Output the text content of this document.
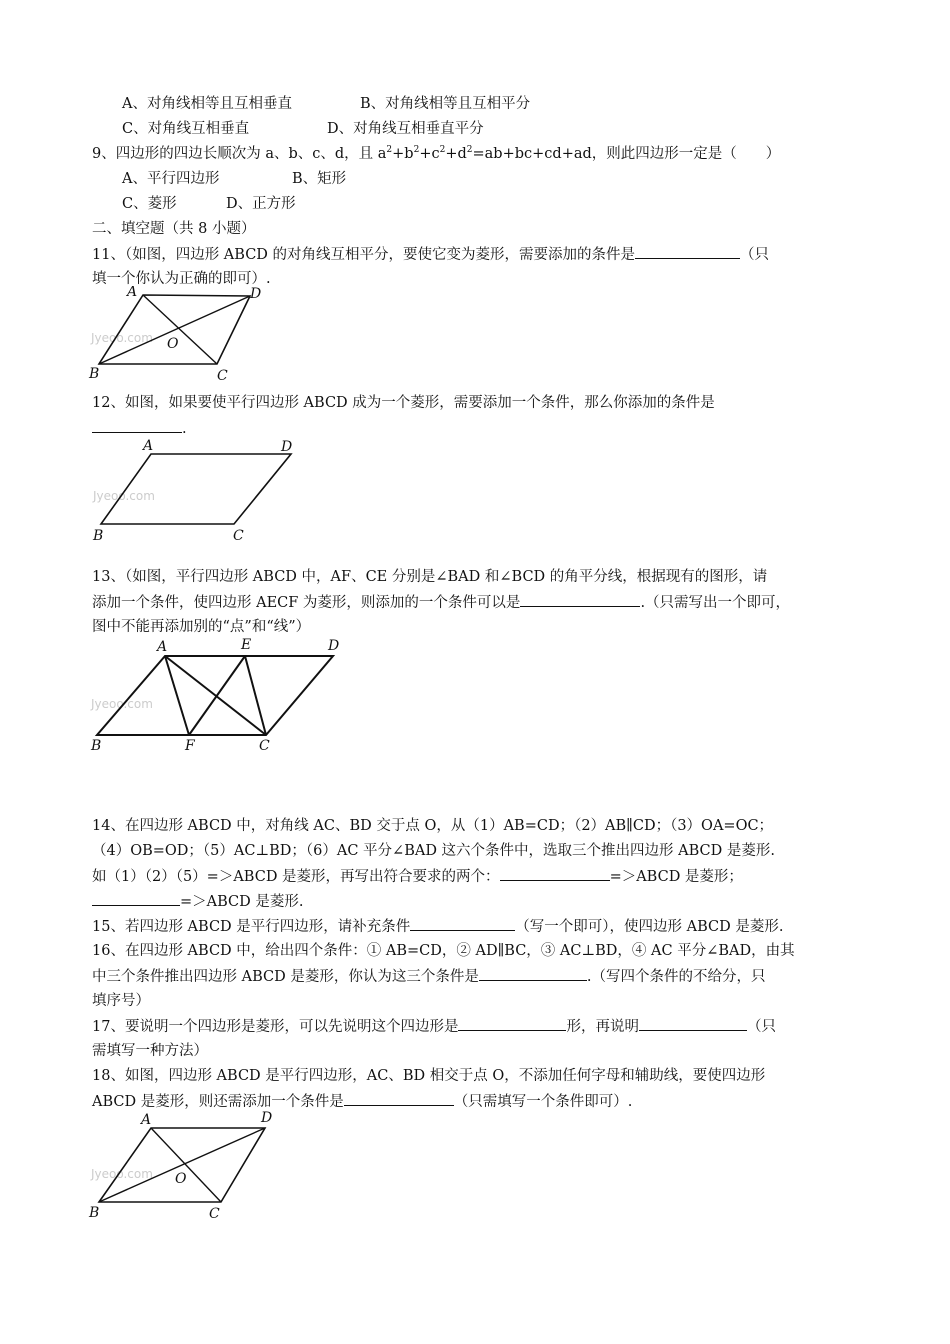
A、对角线相等且互相垂直	B、对角线相等且互相平分
C、对角线互相垂直	D、对角线互相垂直平分
9、四边形的四边长顺次为 a、b、c、d，且 $a^2+b^2+c^2+d^2=ab+bc+cd+ad$，则此四边形一定是（　　）
A、平行四边形	B、矩形
C、菱形	D、正方形
二、填空题（共 8 小题）
11、（如图，四边形 ABCD 的对角线互相平分，要使它变为菱形，需要添加的条件是	（只
填一个你认为正确的即可）.
Jyeoo.com
A	D
O
B	C
12、如图，如果要使平行四边形 ABCD 成为一个菱形，需要添加一个条件，那么你添加的条件是
.
Jyeoo.com
A	D
B	C
13、（如图，平行四边形 ABCD 中，AF、CE 分别是∠BAD 和∠BCD 的角平分线，根据现有的图形，请
添加一个条件，使四边形 AECF 为菱形，则添加的一个条件可以是	.（只需写出一个即可，
图中不能再添加别的“点”和“线”）
Jyeoo.com
A	E	D
B	F	C
14、在四边形 ABCD 中，对角线 AC、BD 交于点 O，从（1）AB=CD；（2）AB∥CD；（3）OA=OC；
（4）OB=OD；（5）AC⊥BD；（6）AC 平分∠BAD 这六个条件中，选取三个推出四边形 ABCD 是菱形.
如（1）（2）（5）=＞ABCD 是菱形，再写出符合要求的两个：	=＞ABCD 是菱形；
=＞ABCD 是菱形.
15、若四边形 ABCD 是平行四边形，请补充条件	（写一个即可），使四边形 ABCD 是菱形.
16、在四边形 ABCD 中，给出四个条件：① AB=CD，② AD∥BC，③ AC⊥BD，④ AC 平分∠BAD，由其
中三个条件推出四边形 ABCD 是菱形，你认为这三个条件是	.（写四个条件的不给分，只
填序号）
17、要说明一个四边形是菱形，可以先说明这个四边形是	形，再说明	（只
需填写一种方法）
18、如图，四边形 ABCD 是平行四边形，AC、BD 相交于点 O，不添加任何字母和辅助线，要使四边形
ABCD 是菱形，则还需添加一个条件是	（只需填写一个条件即可）.
Jyeoo.com
A	D
O
B	C
